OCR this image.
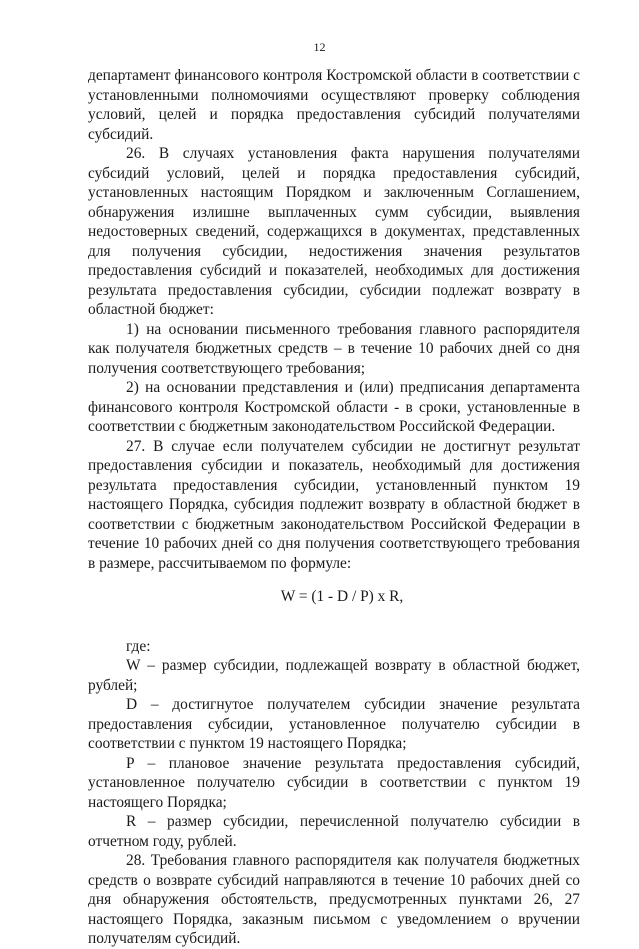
12

департамент финансового контроля Костромской области в соответствии с установленными полномочиями осуществляют проверку соблюдения условий, целей и порядка предоставления субсидий получателями субсидий.

26. В случаях установления факта нарушения получателями субсидий условий, целей и порядка предоставления субсидий, установленных настоящим Порядком и заключенным Соглашением, обнаружения излишне выплаченных сумм субсидии, выявления недостоверных сведений, содержащихся в документах, представленных для получения субсидии, недостижения значения результатов предоставления субсидий и показателей, необходимых для достижения результата предоставления субсидии, субсидии подлежат возврату в областной бюджет:

1) на основании письменного требования главного распорядителя как получателя бюджетных средств – в течение 10 рабочих дней со дня получения соответствующего требования;

2) на основании представления и (или) предписания департамента финансового контроля Костромской области - в сроки, установленные в соответствии с бюджетным законодательством Российской Федерации.

27. В случае если получателем субсидии не достигнут результат предоставления субсидии и показатель, необходимый для достижения результата предоставления субсидии, установленный пунктом 19 настоящего Порядка, субсидия подлежит возврату в областной бюджет в соответствии с бюджетным законодательством Российской Федерации в течение 10 рабочих дней со дня получения соответствующего требования в размере, рассчитываемом по формуле:

W = (1 - D / P) x R,

где:

W – размер субсидии, подлежащей возврату в областной бюджет, рублей;

D – достигнутое получателем субсидии значение результата предоставления субсидии, установленное получателю субсидии в соответствии с пунктом 19 настоящего Порядка;

P – плановое значение результата предоставления субсидий, установленное получателю субсидии в соответствии с пунктом 19 настоящего Порядка;

R – размер субсидии, перечисленной получателю субсидии в отчетном году, рублей.

28. Требования главного распорядителя как получателя бюджетных средств о возврате субсидий направляются в течение 10 рабочих дней со дня обнаружения обстоятельств, предусмотренных пунктами 26, 27 настоящего Порядка, заказным письмом с уведомлением о вручении получателям субсидий.
